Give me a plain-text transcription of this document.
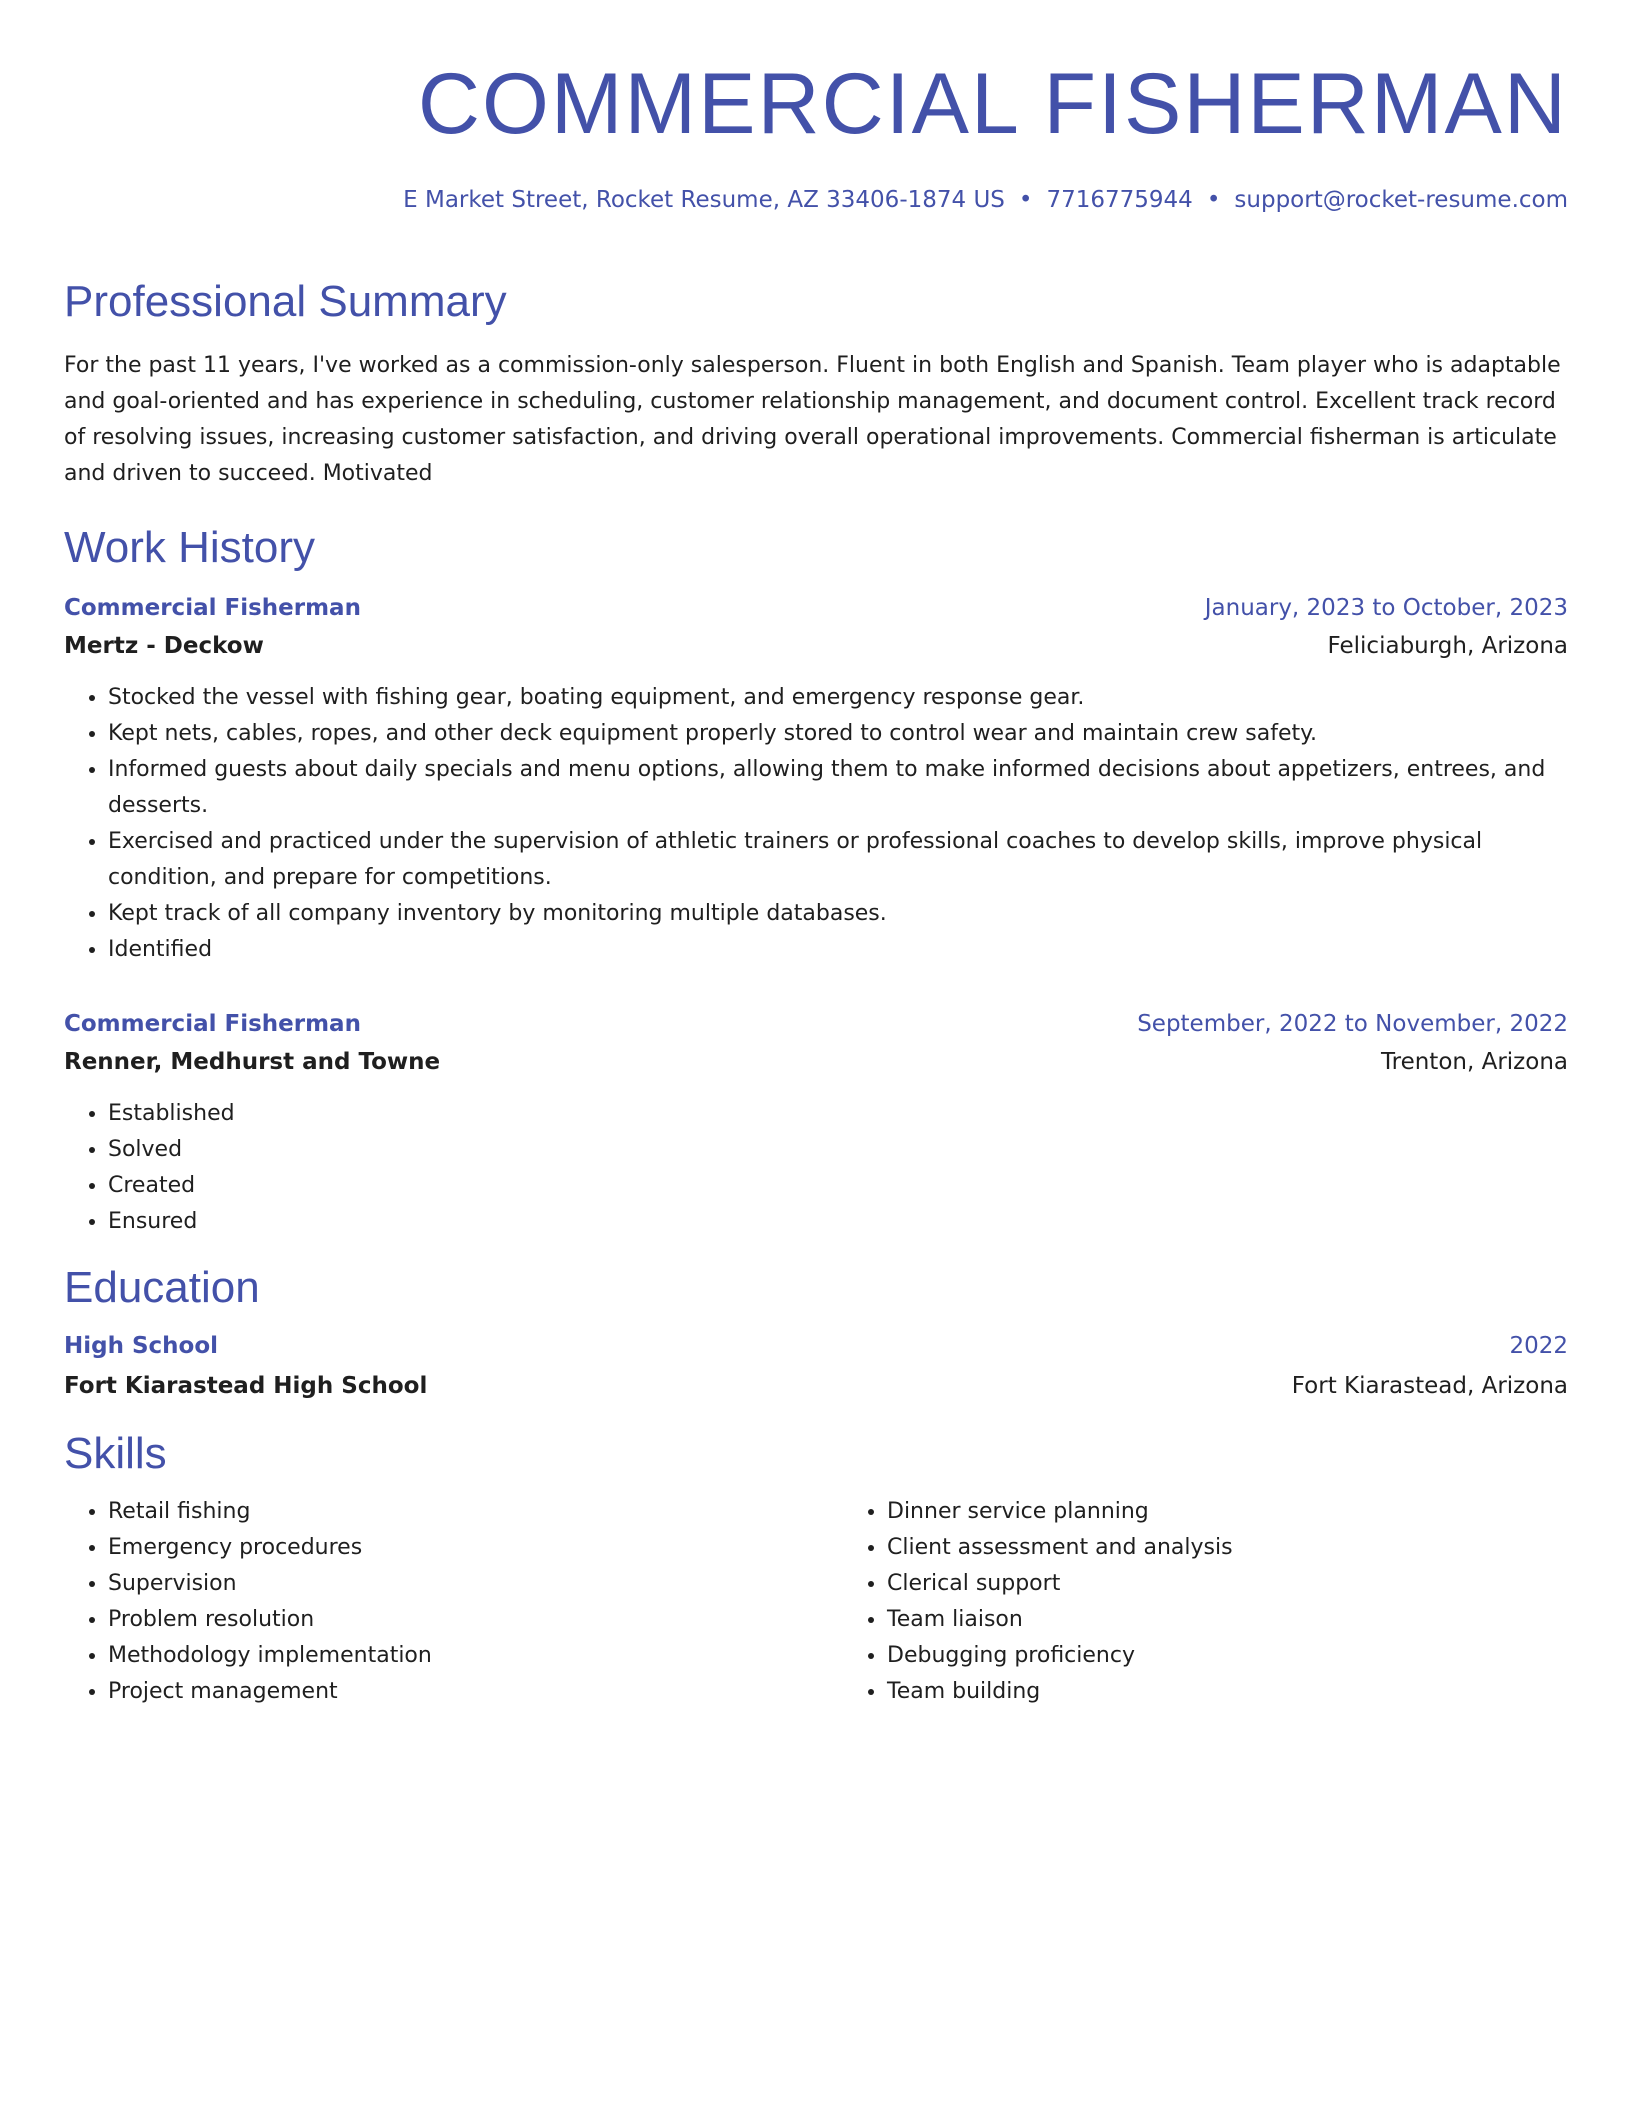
COMMERCIAL FISHERMAN
E Market Street, Rocket Resume, AZ 33406-1874 US • 7716775944 • support@rocket-resume.com
Professional Summary
For the past 11 years, I've worked as a commission-only salesperson. Fluent in both English and Spanish. Team player who is adaptable and goal-oriented and has experience in scheduling, customer relationship management, and document control. Excellent track record of resolving issues, increasing customer satisfaction, and driving overall operational improvements. Commercial fisherman is articulate and driven to succeed. Motivated
Work History
Commercial Fisherman	January, 2023 to October, 2023
Mertz - Deckow	Feliciaburgh, Arizona
• Stocked the vessel with fishing gear, boating equipment, and emergency response gear.
• Kept nets, cables, ropes, and other deck equipment properly stored to control wear and maintain crew safety.
• Informed guests about daily specials and menu options, allowing them to make informed decisions about appetizers, entrees, and desserts.
• Exercised and practiced under the supervision of athletic trainers or professional coaches to develop skills, improve physical condition, and prepare for competitions.
• Kept track of all company inventory by monitoring multiple databases.
• Identified
Commercial Fisherman	September, 2022 to November, 2022
Renner, Medhurst and Towne	Trenton, Arizona
• Established
• Solved
• Created
• Ensured
Education
High School	2022
Fort Kiarastead High School	Fort Kiarastead, Arizona
Skills
• Retail fishing
• Emergency procedures
• Supervision
• Problem resolution
• Methodology implementation
• Project management
• Dinner service planning
• Client assessment and analysis
• Clerical support
• Team liaison
• Debugging proficiency
• Team building
